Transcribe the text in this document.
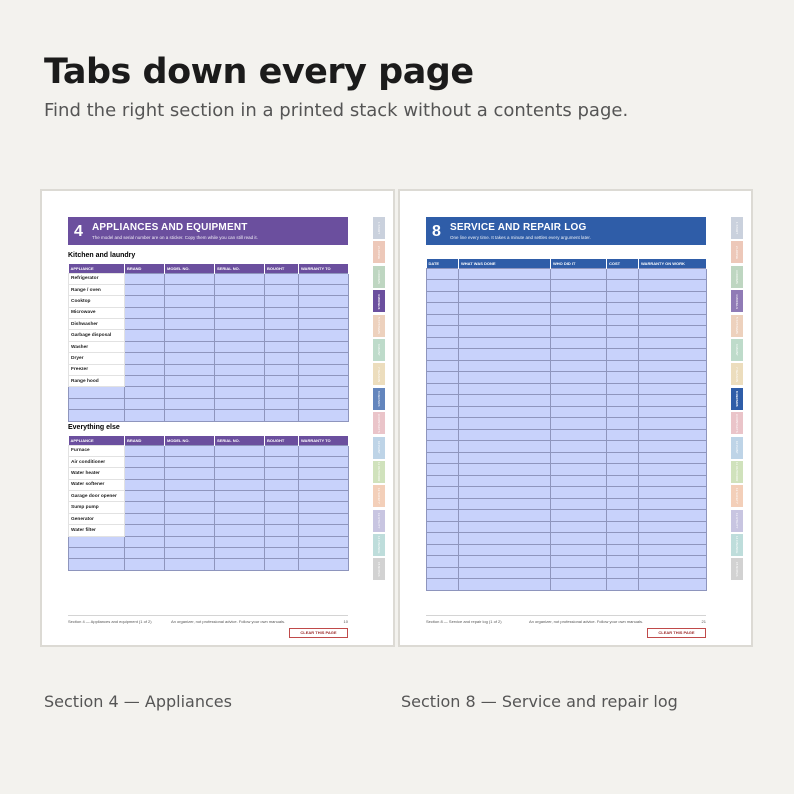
Tabs down every page
Find the right section in a printed stack without a contents page.
4 APPLIANCES AND EQUIPMENT
The model and serial number are on a sticker. Copy them while you can still read it.
Kitchen and laundry
APPLIANCE	BRAND	MODEL NO.	SERIAL NO.	BOUGHT	WARRANTY TO
Refrigerator					
Range / oven					
Cooktop					
Microwave					
Dishwasher					
Garbage disposal					
Washer					
Dryer					
Freezer					
Range hood					

Everything else
APPLIANCE	BRAND	MODEL NO.	SERIAL NO.	BOUGHT	WARRANTY TO
Furnace					
Air conditioner					
Water heater					
Water softener					
Garage door opener					
Sump pump					
Generator					
Water filter					

1 START
2 HOUSE
3 ROOMS
4 MODELS
5 SYSTEMS
6 MAINT
7 SEASON
8 REPAIRS
9 CONTACTS
10 PAINT
11 OUTDOOR
12 SAFETY
13 UTILITY
14 FINANCE
15 NOTES
Section 4 — Appliances and equipment (1 of 2)	An organizer, not professional advice. Follow your own manuals.	10
CLEAR THIS PAGE
8 SERVICE AND REPAIR LOG
One line every time. It takes a minute and settles every argument later.
DATE	WHAT WAS DONE	WHO DID IT	COST	WARRANTY ON WORK

1 START
2 HOUSE
3 ROOMS
4 MODELS
5 SYSTEMS
6 MAINT
7 SEASON
8 REPAIRS
9 CONTACTS
10 PAINT
11 OUTDOOR
12 SAFETY
13 UTILITY
14 FINANCE
15 NOTES
Section 8 — Service and repair log (1 of 2)	An organizer, not professional advice. Follow your own manuals.	21
CLEAR THIS PAGE
Section 4 — Appliances	Section 8 — Service and repair log
